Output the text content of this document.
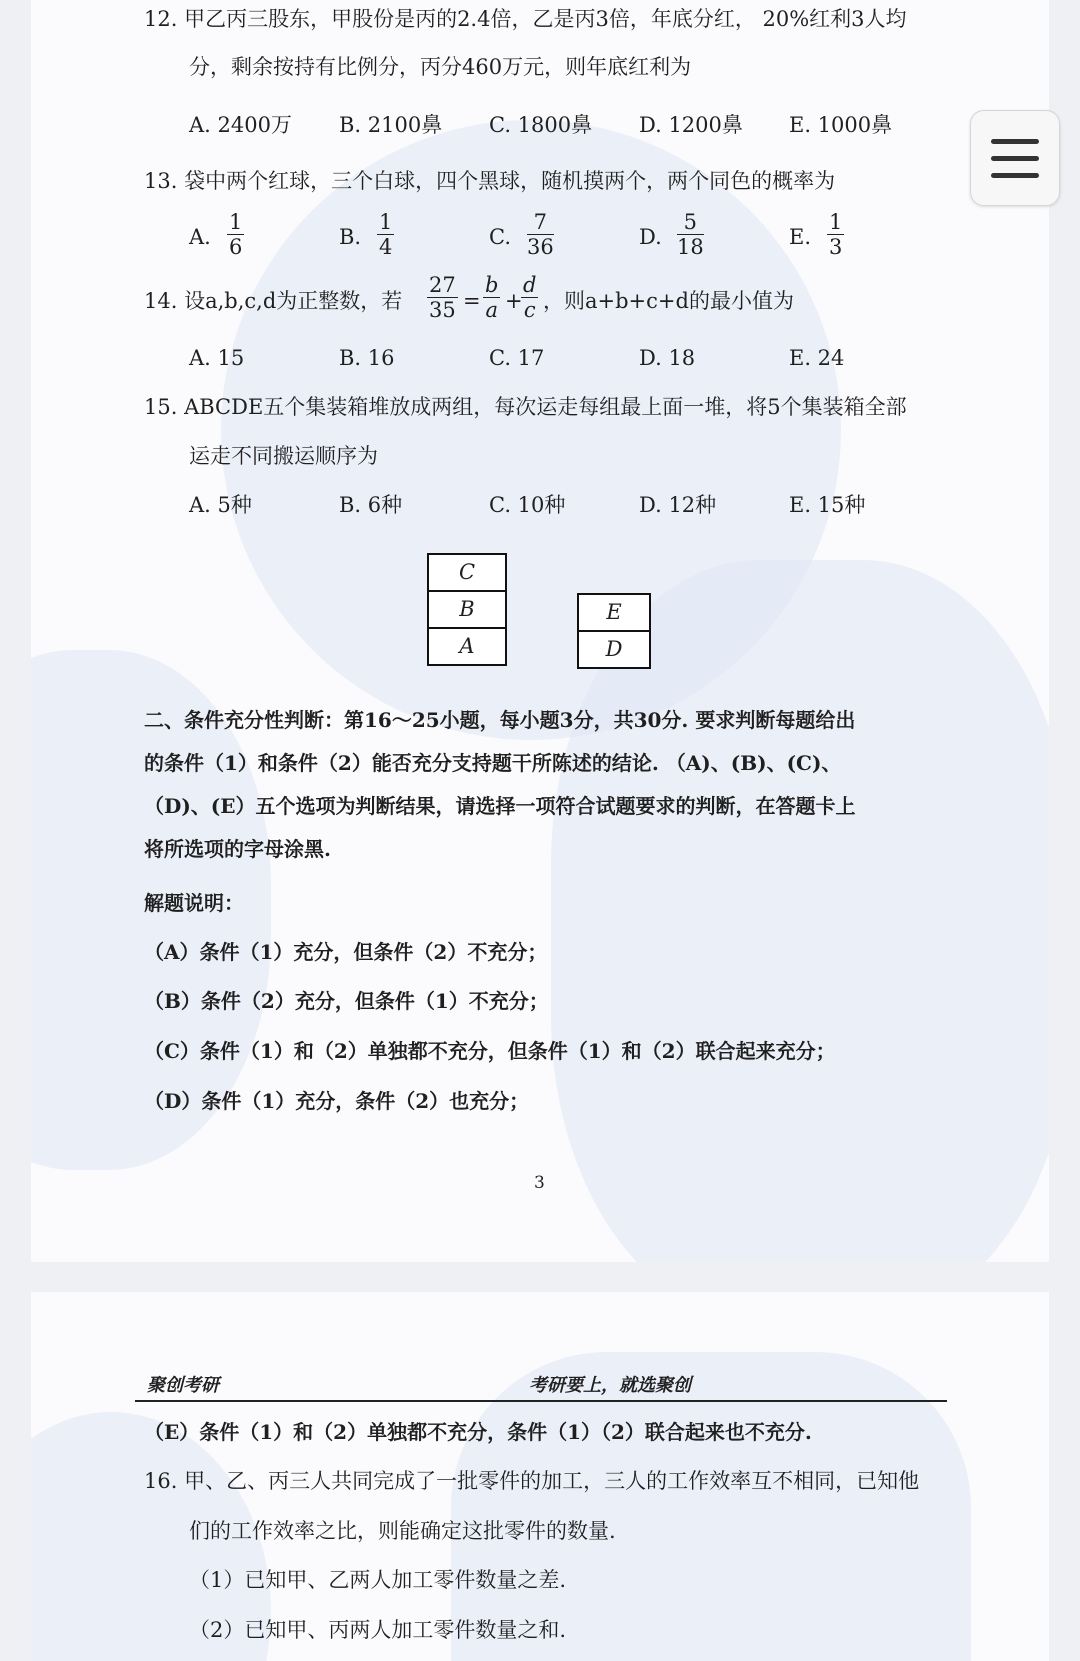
12. 甲乙丙三股东，甲股份是丙的2.4倍，乙是丙3倍，年底分红， 20%红利3人均
分，剩余按持有比例分，丙分460万元，则年底红利为
A. 2400万 B. 2100鼻 C. 1800鼻 D. 1200鼻 E. 1000鼻
13. 袋中两个红球，三个白球，四个黑球，随机摸两个，两个同色的概率为
A. $\frac{1}{6}$	B. $\frac{1}{4}$	C. $\frac{7}{36}$	D. $\frac{5}{18}$	E. $\frac{1}{3}$
14. 设a,b,c,d为正整数，若 $\frac{27}{35} = \frac{b}{a}$ +
$\frac{d}{c}$ ，则a+b+c+d的最小值为
A. 15	B. 16	C. 17	D. 18	E. 24
15. ABCDE五个集装箱堆放成两组，每次运走每组最上面一堆，将5个集装箱全部
运走不同搬运顺序为
A. 5种	B. 6种	C. 10种	D. 12种	E. 15种
C
B
A
E
D
二、条件充分性判断：第16～25小题，每小题3分，共30分. 要求判断每题给出
的条件（1）和条件（2）能否充分支持题干所陈述的结论. （A)、(B)、(C)、
（D)、(E）五个选项为判断结果，请选择一项符合试题要求的判断，在答题卡上
将所选项的字母涂黑.
解题说明：
（A）条件（1）充分，但条件（2）不充分；
（B）条件（2）充分，但条件（1）不充分；
（C）条件（1）和（2）单独都不充分，但条件（1）和（2）联合起来充分；
（D）条件（1）充分，条件（2）也充分；
3
聚创考研	考研要上，就选聚创
（E）条件（1）和（2）单独都不充分，条件（1）（2）联合起来也不充分.
16. 甲、乙、丙三人共同完成了一批零件的加工，三人的工作效率互不相同，已知他
们的工作效率之比，则能确定这批零件的数量.
（1）已知甲、乙两人加工零件数量之差.
（2）已知甲、丙两人加工零件数量之和.
